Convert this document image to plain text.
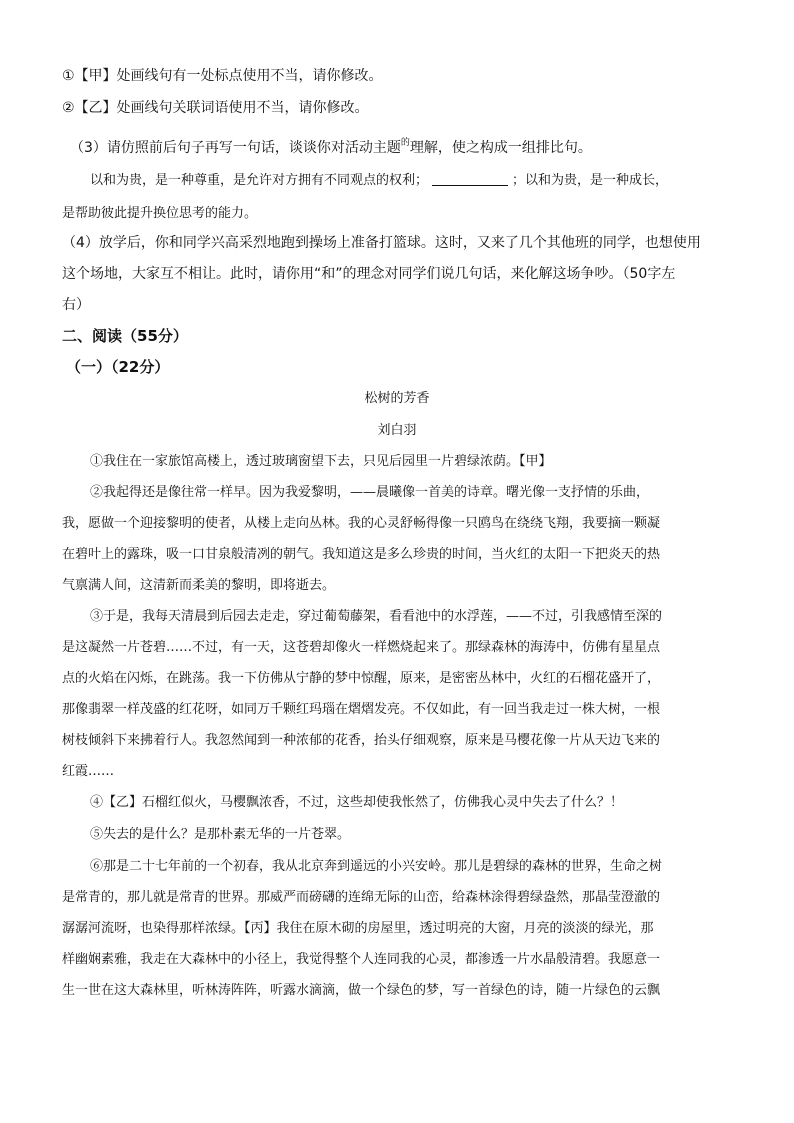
①【甲】处画线句有一处标点使用不当，请你修改。
②【乙】处画线句关联词语使用不当，请你修改。
（3）请仿照前后句子再写一句话，谈谈你对活动主题$^的$理解，使之构成一组排比句。
以和为贵，是一种尊重，是允许对方拥有不同观点的权利；	；以和为贵，是一种成长，
是帮助彼此提升换位思考的能力。
（4）放学后，你和同学兴高采烈地跑到操场上准备打篮球。这时，又来了几个其他班的同学，也想使用
这个场地，大家互不相让。此时，请你用“和”的理念对同学们说几句话，来化解这场争吵。（50字左
右）
二、阅读（55分）
（一）（22分）
松树的芳香
刘白羽
①我住在一家旅馆高楼上，透过玻璃窗望下去，只见后园里一片碧绿浓荫。【甲】
②我起得还是像往常一样早。因为我爱黎明，——晨曦像一首美的诗章。曙光像一支抒情的乐曲，
我，愿做一个迎接黎明的使者，从楼上走向丛林。我的心灵舒畅得像一只鸥鸟在绕绕飞翔，我要摘一颗凝
在碧叶上的露珠，吸一口甘泉般清冽的朝气。我知道这是多么珍贵的时间，当火红的太阳一下把炎天的热
气禀满人间，这清新而柔美的黎明，即将逝去。
③于是，我每天清晨到后园去走走，穿过葡萄藤架，看看池中的水浮莲，——不过，引我感情至深的
是这凝然一片苍碧……不过，有一天，这苍碧却像火一样燃烧起来了。那绿森林的海涛中，仿佛有星星点
点的火焰在闪烁，在跳荡。我一下仿佛从宁静的梦中惊醒，原来，是密密丛林中，火红的石榴花盛开了，
那像翡翠一样茂盛的红花呀，如同万千颗红玛瑙在熠熠发亮。不仅如此，有一回当我走过一株大树，一根
树枝倾斜下来拂着行人。我忽然闻到一种浓郁的花香，抬头仔细观察，原来是马樱花像一片从天边飞来的
红霞……
④【乙】石榴红似火，马樱飘浓香，不过，这些却使我怅然了，仿佛我心灵中失去了什么？！
⑤失去的是什么？是那朴素无华的一片苍翠。
⑥那是二十七年前的一个初春，我从北京奔到遥远的小兴安岭。那儿是碧绿的森林的世界，生命之树
是常青的，那儿就是常青的世界。那威严而磅礴的连绵无际的山峦，给森林涂得碧绿盎然，那晶莹澄澈的
潺潺河流呀，也染得那样浓绿。【丙】我住在原木砌的房屋里，透过明亮的大窗，月亮的淡淡的绿光，那
样幽娴素雅，我走在大森林中的小径上，我觉得整个人连同我的心灵，都渗透一片水晶般清碧。我愿意一
生一世在这大森林里，听林涛阵阵，听露水滴滴，做一个绿色的梦，写一首绿色的诗，随一片绿色的云飘
